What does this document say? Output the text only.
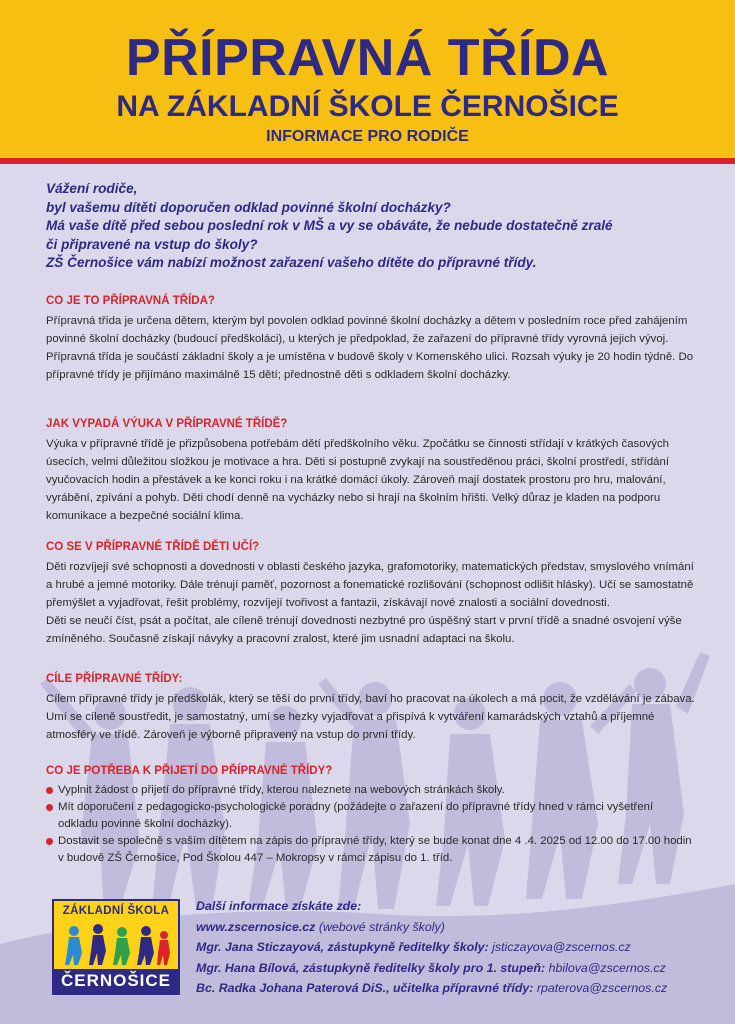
PŘÍPRAVNÁ TŘÍDA
NA ZÁKLADNÍ ŠKOLE ČERNOŠICE
INFORMACE PRO RODIČE
Vážení rodiče,
byl vašemu dítěti doporučen odklad povinné školní docházky?
Má vaše dítě před sebou poslední rok v MŠ a vy se obáváte, že nebude dostatečně zralé
či připravené na vstup do školy?
ZŠ Černošice vám nabízí možnost zařazení vašeho dítěte do přípravné třídy.
CO JE TO PŘÍPRAVNÁ TŘÍDA?

Přípravná třída je určena dětem, kterým byl povolen odklad povinné školní docházky a dětem v posledním roce před zahájením povinné školní docházky (budoucí předškoláci), u kterých je předpoklad, že zařazení do přípravné třídy vyrovná jejich vývoj. Přípravná třída je součástí základní školy a je umístěna v budově školy v Komenského ulici. Rozsah výuky je 20 hodin týdně. Do přípravné třídy je přijímáno maximálně 15 dětí; přednostně děti s odkladem školní docházky.

JAK VYPADÁ VÝUKA V PŘÍPRAVNÉ TŘÍDĚ?

Výuka v přípravné třídě je přizpůsobena potřebám dětí předškolního věku. Zpočátku se činnosti střídají v krátkých časových úsecích, velmi důležitou složkou je motivace a hra. Děti si postupně zvykají na soustředěnou práci, školní prostředí, střídání vyučovacích hodin a přestávek a ke konci roku i na krátké domácí úkoly. Zároveň mají dostatek prostoru pro hru, malování, vyrábění, zpívání a pohyb. Děti chodí denně na vycházky nebo si hrají na školním hřišti. Velký důraz je kladen na podporu komunikace a bezpečné sociální klima.

CO SE V PŘÍPRAVNÉ TŘÍDĚ DĚTI UČÍ?

Děti rozvíjejí své schopnosti a dovednosti v oblasti českého jazyka, grafomotoriky, matematických představ, smyslového vnímání a hrubé a jemné motoriky. Dále trénují paměť, pozornost a fonematické rozlišování (schopnost odlišit hlásky). Učí se samostatně přemýšlet a vyjadřovat, řešit problémy, rozvíjejí tvořivost a fantazii, získávají nové znalosti a sociální dovednosti.

Děti se neučí číst, psát a počítat, ale cíleně trénují dovednosti nezbytné pro úspěšný start v první třídě a snadné osvojení výše zmíněného. Současně získají návyky a pracovní zralost, které jim usnadní adaptaci na školu.

CÍLE PŘÍPRAVNÉ TŘÍDY:

Cílem přípravné třídy je předškolák, který se těší do první třídy, baví ho pracovat na úkolech a má pocit, že vzdělávání je zábava. Umí se cíleně soustředit, je samostatný, umí se hezky vyjadřovat a přispívá k vytváření kamarádských vztahů a příjemné atmosféry ve třídě. Zároveň je výborně připravený na vstup do první třídy.

CO JE POTŘEBA K PŘIJETÍ DO PŘÍPRAVNÉ TŘÍDY?
Vyplnit žádost o přijetí do přípravné třídy, kterou naleznete na webových stránkách školy.
Mít doporučení z pedagogicko-psychologické poradny (požádejte o zařazení do přípravné třídy hned v rámci vyšetření odkladu povinné školní docházky).
Dostavit se společně s vaším dítětem na zápis do přípravné třídy, který se bude konat dne 4 .4. 2025 od 12.00 do 17.00 hodin v budově ZŠ Černošice, Pod Školou 447 – Mokropsy v rámci zápisu do 1. tříd.
ZÁKLADNÍ ŠKOLA
ČERNOŠICE
Další informace získáte zde:
www.zscernosice.cz (webové stránky školy)
Mgr. Jana Sticzayová, zástupkyně ředitelky školy: jsticzayova@zscernos.cz
Mgr. Hana Bílová, zástupkyně ředitelky školy pro 1. stupeň: hbilova@zscernos.cz
Bc. Radka Johana Paterová DiS., učitelka přípravné třídy: rpaterova@zscernos.cz
